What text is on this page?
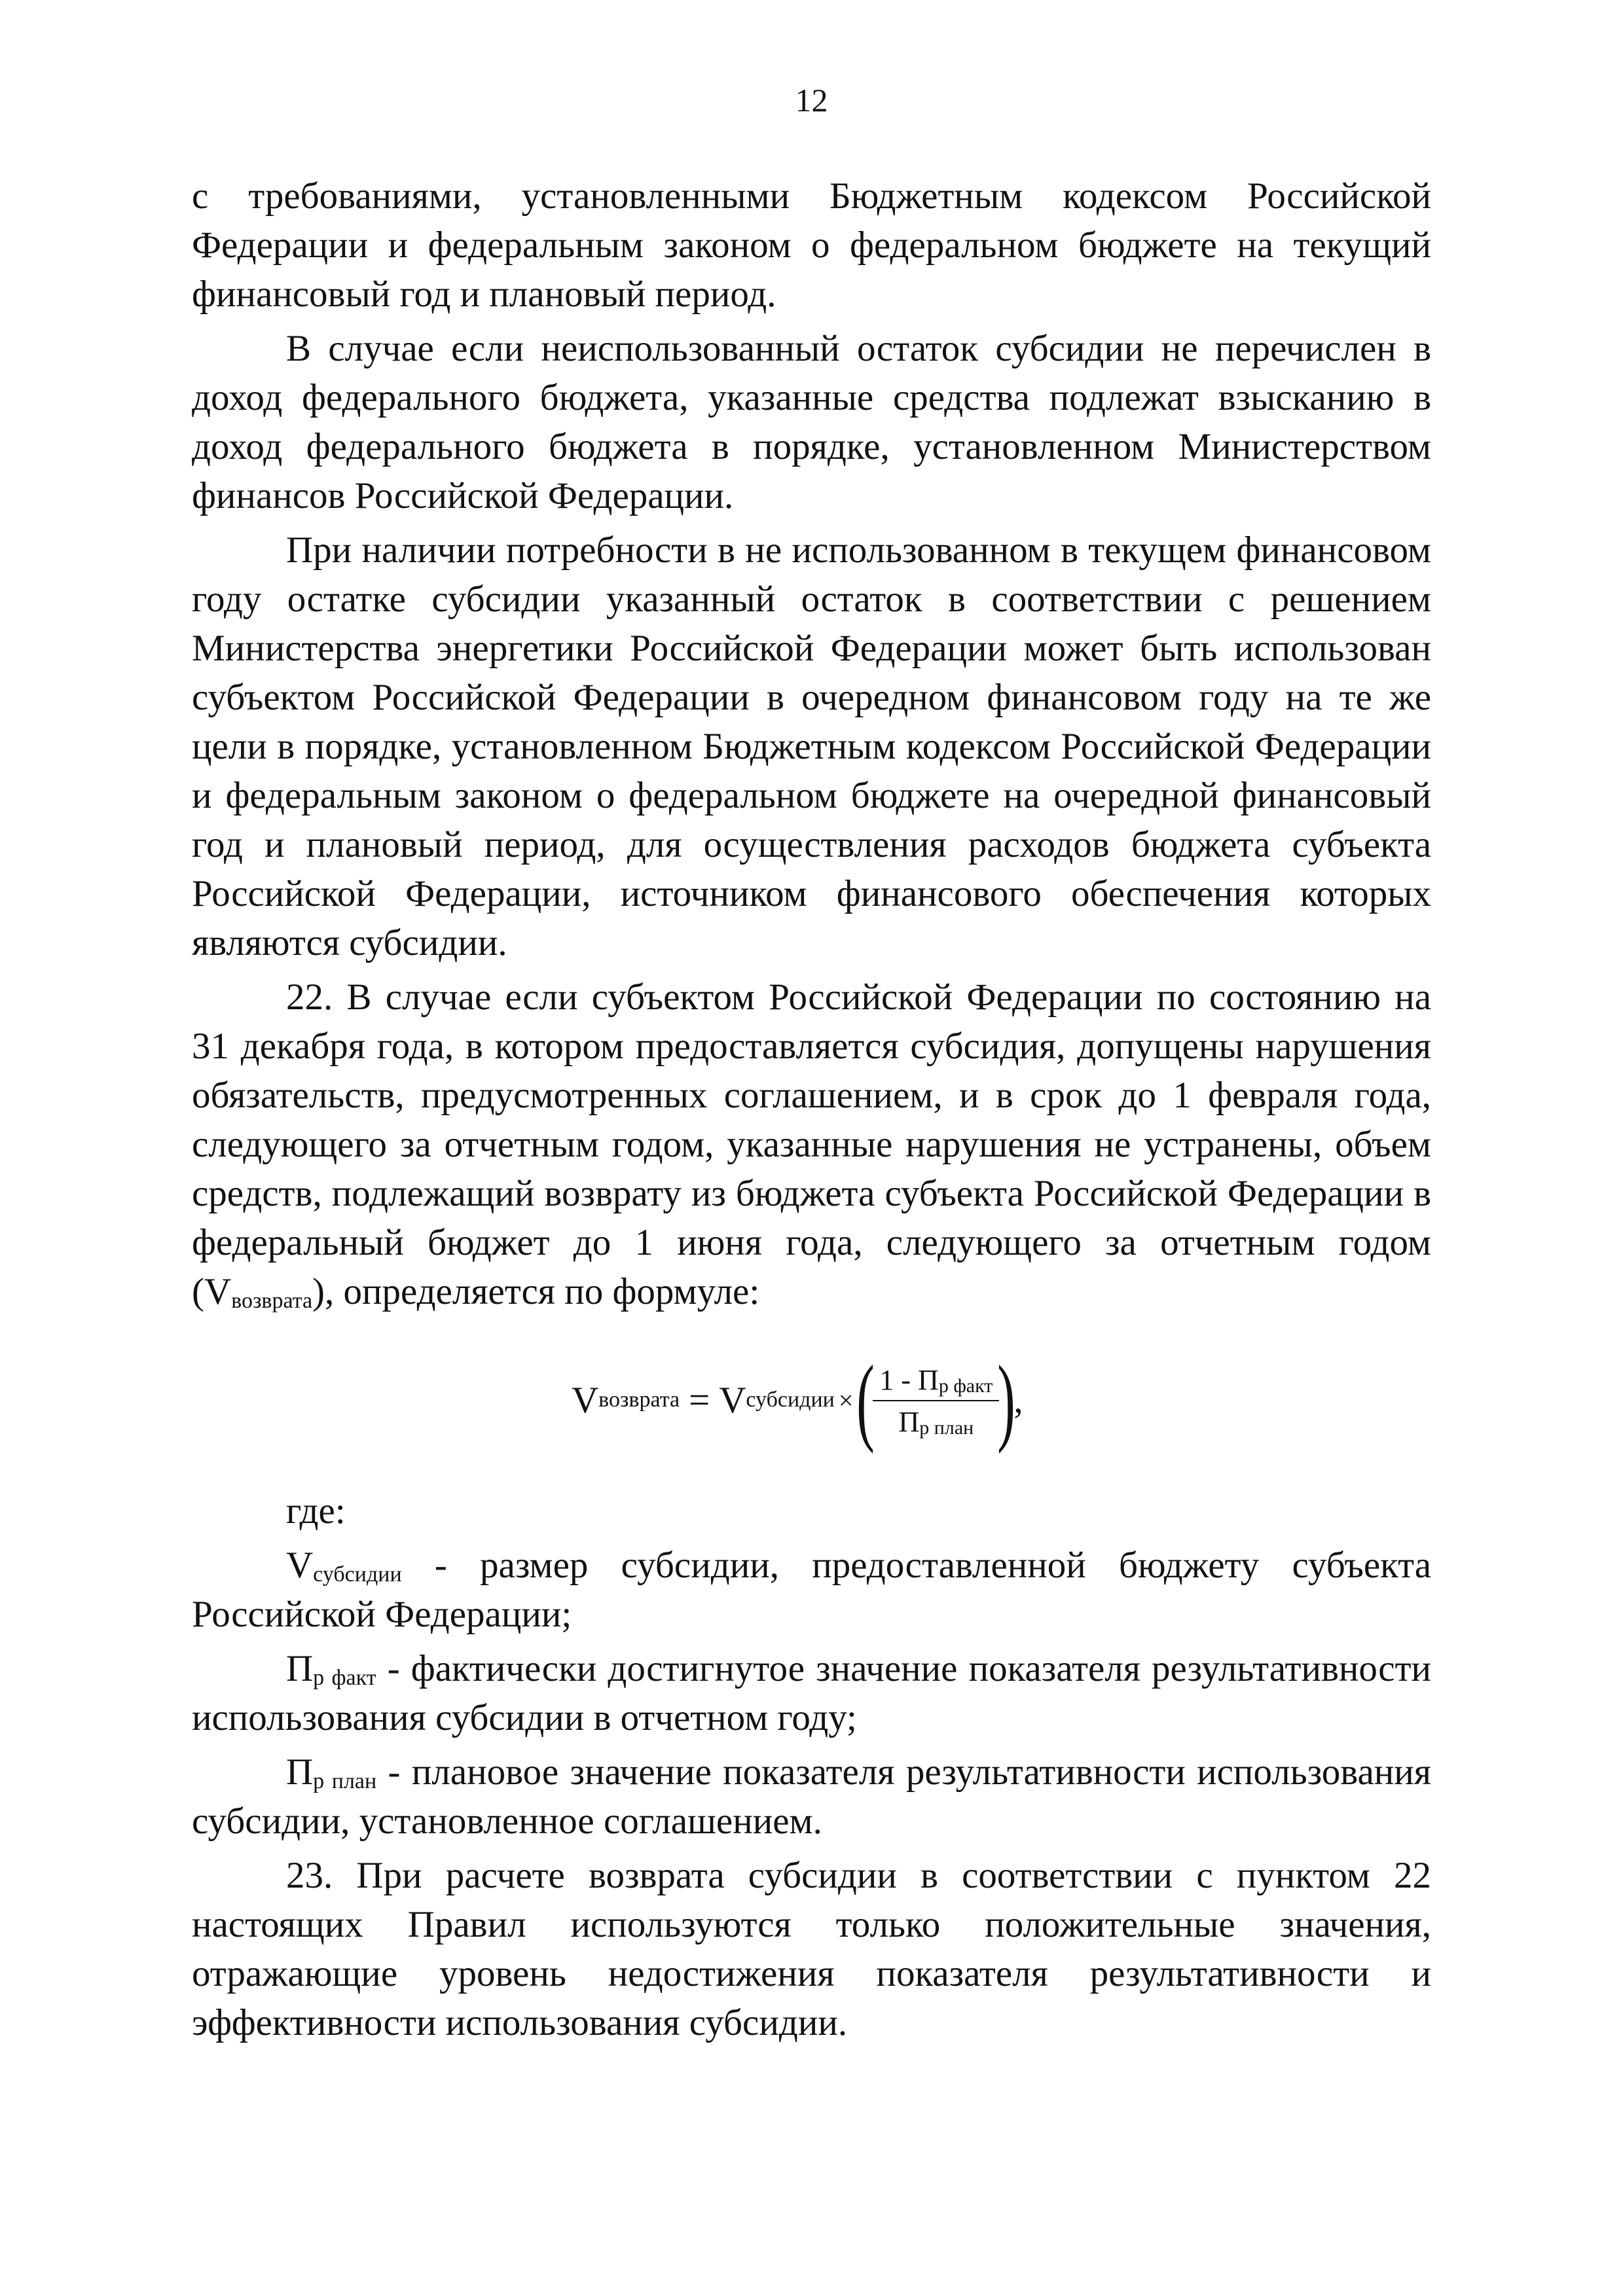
12

с требованиями, установленными Бюджетным кодексом Российской Федерации и федеральным законом о федеральном бюджете на текущий финансовый год и плановый период.

В случае если неиспользованный остаток субсидии не перечислен в доход федерального бюджета, указанные средства подлежат взысканию в доход федерального бюджета в порядке, установленном Министерством финансов Российской Федерации.

При наличии потребности в не использованном в текущем финансовом году остатке субсидии указанный остаток в соответствии с решением Министерства энергетики Российской Федерации может быть использован субъектом Российской Федерации в очередном финансовом году на те же цели в порядке, установленном Бюджетным кодексом Российской Федерации и федеральным законом о федеральном бюджете на очередной финансовый год и плановый период, для осуществления расходов бюджета субъекта Российской Федерации, источником финансового обеспечения которых являются субсидии.

22. В случае если субъектом Российской Федерации по состоянию на 31 декабря года, в котором предоставляется субсидия, допущены нарушения обязательств, предусмотренных соглашением, и в срок до 1 февраля года, следующего за отчетным годом, указанные нарушения не устранены, объем средств, подлежащий возврату из бюджета субъекта Российской Федерации в федеральный бюджет до 1 июня года, следующего за отчетным годом $(V_{возврата})$, определяется по формуле:

V возврата = V субсидии × (
$\frac{1 - П_{р факт}}{П_{р план}}$
)
,

где:

$V_{субсидии}$ - размер субсидии, предоставленной бюджету субъекта Российской Федерации;

$П_{р факт}$ - фактически достигнутое значение показателя результативности использования субсидии в отчетном году;

$П_{р план}$ - плановое значение показателя результативности использования субсидии, установленное соглашением.

23. При расчете возврата субсидии в соответствии с пунктом 22 настоящих Правил используются только положительные значения, отражающие уровень недостижения показателя результативности и эффективности использования субсидии.
